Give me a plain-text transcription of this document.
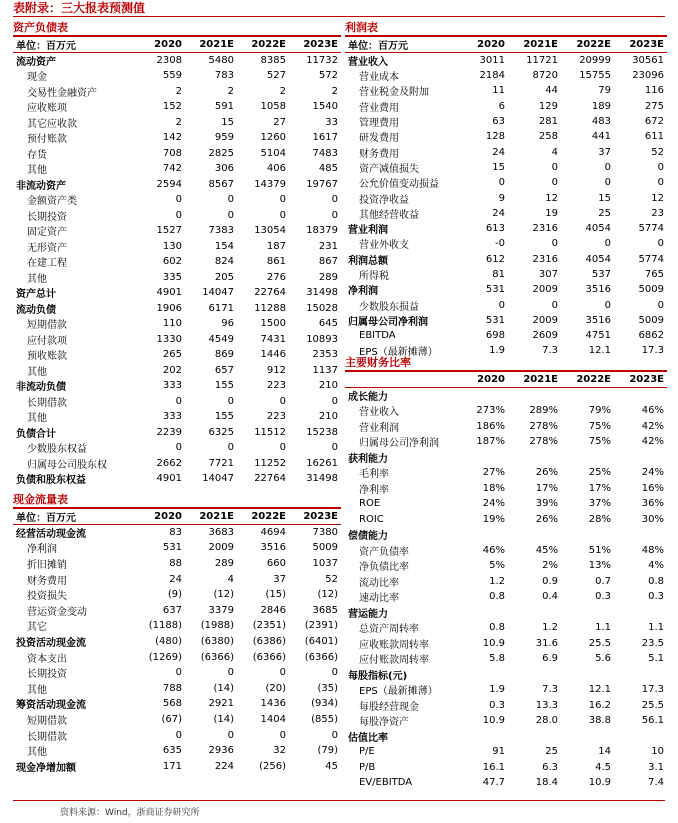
表附录：三大报表预测值
资产负债表
单位：百万元	2020	2021E	2022E	2023E
流动资产	2308	5480	8385	11732
现金	559	783	527	572
交易性金融资产	2	2	2	2
应收账项	152	591	1058	1540
其它应收款	2	15	27	33
预付账款	142	959	1260	1617
存货	708	2825	5104	7483
其他	742	306	406	485
非流动资产	2594	8567	14379	19767
金额资产类	0	0	0	0
长期投资	0	0	0	0
固定资产	1527	7383	13054	18379
无形资产	130	154	187	231
在建工程	602	824	861	867
其他	335	205	276	289
资产总计	4901	14047	22764	31498
流动负债	1906	6171	11288	15028
短期借款	110	96	1500	645
应付款项	1330	4549	7431	10893
预收账款	265	869	1446	2353
其他	202	657	912	1137
非流动负债	333	155	223	210
长期借款	0	0	0	0
其他	333	155	223	210
负债合计	2239	6325	11512	15238
少数股东权益	0	0	0	0
归属母公司股东权	2662	7721	11252	16261
负债和股东权益	4901	14047	22764	31498
现金流量表
单位：百万元	2020	2021E	2022E	2023E
经营活动现金流	83	3683	4694	7380
净利润	531	2009	3516	5009
折旧摊销	88	289	660	1037
财务费用	24	4	37	52
投资损失	(9)	(12)	(15)	(12)
营运资金变动	637	3379	2846	3685
其它	(1188)	(1988)	(2351)	(2391)
投资活动现金流	(480)	(6380)	(6386)	(6401)
资本支出	(1269)	(6366)	(6366)	(6366)
长期投资	0	0	0	0
其他	788	(14)	(20)	(35)
筹资活动现金流	568	2921	1436	(934)
短期借款	(67)	(14)	1404	(855)
长期借款	0	0	0	0
其他	635	2936	32	(79)
现金净增加额	171	224	(256)	45
利润表
单位：百万元	2020	2021E	2022E	2023E
营业收入	3011	11721	20999	30561
营业成本	2184	8720	15755	23096
营业税金及附加	11	44	79	116
营业费用	6	129	189	275
管理费用	63	281	483	672
研发费用	128	258	441	611
财务费用	24	4	37	52
资产减值损失	15	0	0	0
公允价值变动损益	0	0	0	0
投资净收益	9	12	15	12
其他经营收益	24	19	25	23
营业利润	613	2316	4054	5774
营业外收支	-0	0	0	0
利润总额	612	2316	4054	5774
所得税	81	307	537	765
净利润	531	2009	3516	5009
少数股东损益	0	0	0	0
归属母公司净利润	531	2009	3516	5009
EBITDA	698	2609	4751	6862
EPS（最新摊薄）	1.9	7.3	12.1	17.3
主要财务比率
	2020	2021E	2022E	2023E
成长能力				
营业收入	273%	289%	79%	46%
营业利润	186%	278%	75%	42%
归属母公司净利润	187%	278%	75%	42%
获利能力				
毛利率	27%	26%	25%	24%
净利率	18%	17%	17%	16%
ROE	24%	39%	37%	36%
ROIC	19%	26%	28%	30%
偿债能力				
资产负债率	46%	45%	51%	48%
净负债比率	5%	2%	13%	4%
流动比率	1.2	0.9	0.7	0.8
速动比率	0.8	0.4	0.3	0.3
营运能力				
总资产周转率	0.8	1.2	1.1	1.1
应收账款周转率	10.9	31.6	25.5	23.5
应付账款周转率	5.8	6.9	5.6	5.1
每股指标(元)				
EPS（最新摊薄）	1.9	7.3	12.1	17.3
每股经营现金	0.3	13.3	16.2	25.5
每股净资产	10.9	28.0	38.8	56.1
估值比率				
P/E	91	25	14	10
P/B	16.1	6.3	4.5	3.1
EV/EBITDA	47.7	18.4	10.9	7.4
资料来源：Wind，浙商证券研究所
